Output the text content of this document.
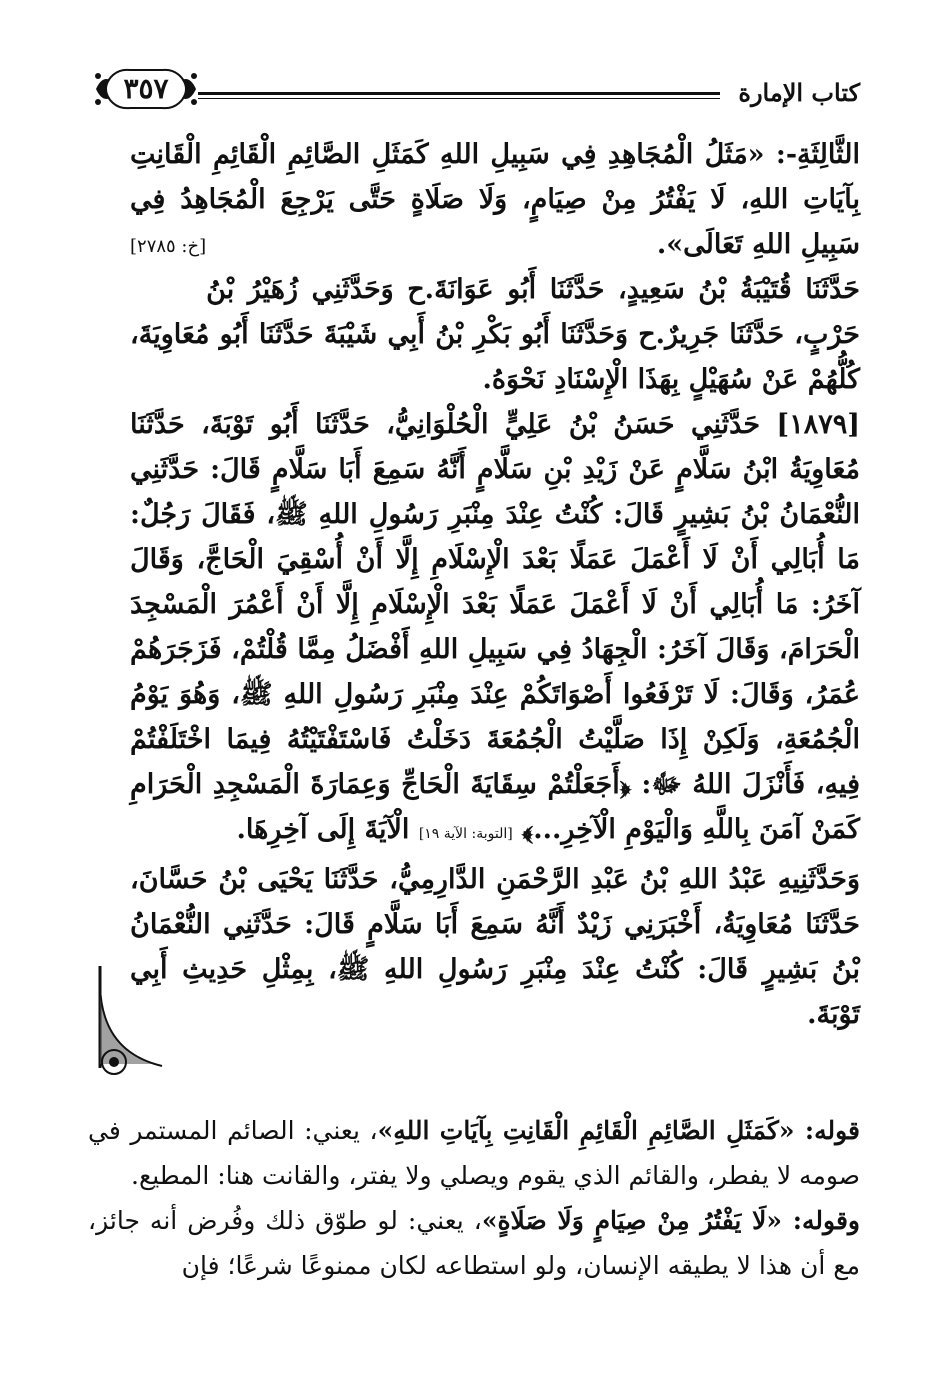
كتاب الإمارة
٣٥٧

الثَّالِثَةِ-: «مَثَلُ الْمُجَاهِدِ فِي سَبِيلِ اللهِ كَمَثَلِ الصَّائِمِ الْقَائِمِ الْقَانِتِ بِآيَاتِ اللهِ، لَا يَفْتُرُ مِنْ صِيَامٍ، وَلَا صَلَاةٍ حَتَّى يَرْجِعَ الْمُجَاهِدُ فِي سَبِيلِ اللهِ تَعَالَى».
[خ: ٢٧٨٥]

حَدَّثَنَا قُتَيْبَةُ بْنُ سَعِيدٍ، حَدَّثَنَا أَبُو عَوَانَةَ.ح وَحَدَّثَنِي زُهَيْرُ بْنُ حَرْبٍ، حَدَّثَنَا جَرِيرٌ.ح وَحَدَّثَنَا أَبُو بَكْرِ بْنُ أَبِي شَيْبَةَ حَدَّثَنَا أَبُو مُعَاوِيَةَ، كُلُّهُمْ عَنْ سُهَيْلٍ بِهَذَا الْإِسْنَادِ نَحْوَهُ.

[١٨٧٩] حَدَّثَنِي حَسَنُ بْنُ عَلِيٍّ الْحُلْوَانِيُّ، حَدَّثَنَا أَبُو تَوْبَةَ، حَدَّثَنَا مُعَاوِيَةُ ابْنُ سَلَّامٍ عَنْ زَيْدِ بْنِ سَلَّامٍ أَنَّهُ سَمِعَ أَبَا سَلَّامٍ قَالَ: حَدَّثَنِي النُّعْمَانُ بْنُ بَشِيرٍ قَالَ: كُنْتُ عِنْدَ مِنْبَرِ رَسُولِ اللهِ ﷺ، فَقَالَ رَجُلٌ: مَا أُبَالِي أَنْ لَا أَعْمَلَ عَمَلًا بَعْدَ الْإِسْلَامِ إِلَّا أَنْ أُسْقِيَ الْحَاجَّ، وَقَالَ آخَرُ: مَا أُبَالِي أَنْ لَا أَعْمَلَ عَمَلًا بَعْدَ الْإِسْلَامِ إِلَّا أَنْ أَعْمُرَ الْمَسْجِدَ الْحَرَامَ، وَقَالَ آخَرُ: الْجِهَادُ فِي سَبِيلِ اللهِ أَفْضَلُ مِمَّا قُلْتُمْ، فَزَجَرَهُمْ عُمَرُ، وَقَالَ: لَا تَرْفَعُوا أَصْوَاتَكُمْ عِنْدَ مِنْبَرِ رَسُولِ اللهِ ﷺ، وَهُوَ يَوْمُ الْجُمُعَةِ، وَلَكِنْ إِذَا صَلَّيْتُ الْجُمُعَةَ دَخَلْتُ فَاسْتَفْتَيْتُهُ فِيمَا اخْتَلَفْتُمْ فِيهِ، فَأَنْزَلَ اللهُ ﷻ: ﴿أَجَعَلْتُمْ سِقَايَةَ الْحَاجِّ وَعِمَارَةَ الْمَسْجِدِ الْحَرَامِ كَمَنْ آمَنَ بِاللَّهِ وَالْيَوْمِ الْآخِرِ...﴾ [التوبة: الآية ١٩] الْآيَةَ إِلَى آخِرِهَا.

وَحَدَّثَنِيهِ عَبْدُ اللهِ بْنُ عَبْدِ الرَّحْمَنِ الدَّارِمِيُّ، حَدَّثَنَا يَحْيَى بْنُ حَسَّانَ، حَدَّثَنَا مُعَاوِيَةُ، أَخْبَرَنِي زَيْدٌ أَنَّهُ سَمِعَ أَبَا سَلَّامٍ قَالَ: حَدَّثَنِي النُّعْمَانُ بْنُ بَشِيرٍ قَالَ: كُنْتُ عِنْدَ مِنْبَرِ رَسُولِ اللهِ ﷺ، بِمِثْلِ حَدِيثِ أَبِي تَوْبَةَ.

قوله: «كَمَثَلِ الصَّائِمِ الْقَائِمِ الْقَانِتِ بِآيَاتِ اللهِ»، يعني: الصائم المستمر في صومه لا يفطر، والقائم الذي يقوم ويصلي ولا يفتر، والقانت هنا: المطيع.

وقوله: «لَا يَفْتُرُ مِنْ صِيَامٍ وَلَا صَلَاةٍ»، يعني: لو طوّق ذلك وفُرض أنه جائز، مع أن هذا لا يطيقه الإنسان، ولو استطاعه لكان ممنوعًا شرعًا؛ فإن
